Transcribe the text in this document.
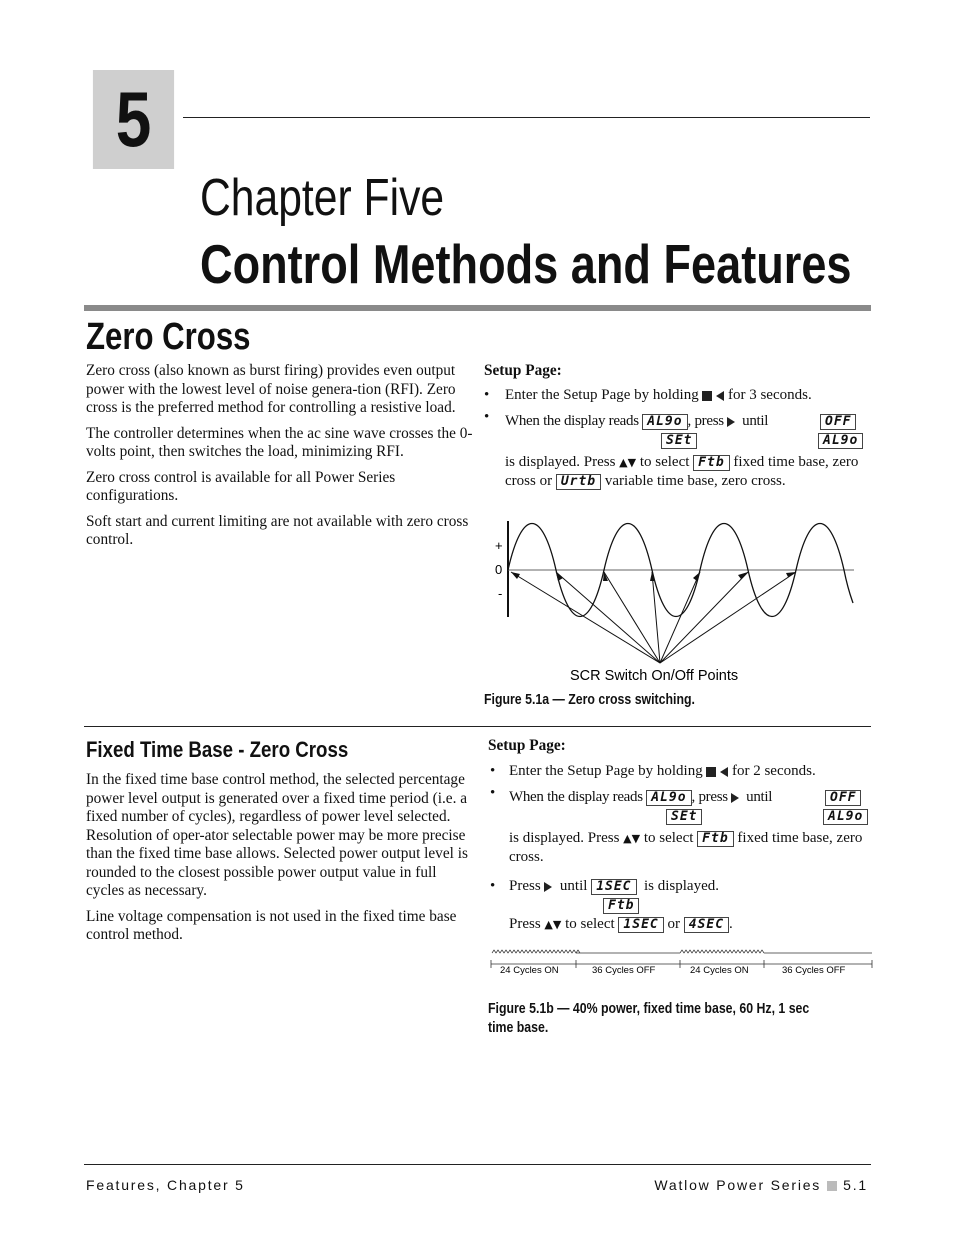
5
Chapter Five
Control Methods and Features
Zero Cross

Zero cross (also known as burst firing) provides even output power with the lowest level of noise genera-tion (RFI). Zero cross is the preferred method for controlling a resistive load.

The controller determines when the ac sine wave crosses the 0-volts point, then switches the load, minimizing RFI.

Zero cross control is available for all Power Series configurations.

Soft start and current limiting are not available with zero cross control.

Setup Page:
• Enter the Setup Page by holding for 3 seconds.
• When the display reads AL9o , press until
SEt
OFF
AL9o
is displayed. Press ▲▼ to select Ftb fixed time base, zero cross or Urtb variable time base, zero cross.
+
0
-
SCR Switch On/Off Points
Figure 5.1a — Zero cross switching.
Fixed Time Base - Zero Cross

In the fixed time base control method, the selected percentage power level output is generated over a fixed time period (i.e. a fixed number of cycles), regardless of power level selected. Resolution of oper-ator selectable power may be more precise than the fixed time base allows. Selected power output level is rounded to the closest possible power output value in full cycles as necessary.

Line voltage compensation is not used in the fixed time base control method.

Setup Page:
• Enter the Setup Page by holding for 2 seconds.
• When the display reads AL9o , press until
SEt
OFF
AL9o
is displayed. Press ▲▼ to select Ftb fixed time base, zero cross.
• Press until 1SEC is displayed.
Ftb
Press ▲▼ to select 1SEC or 4SEC .
24 Cycles ON	36 Cycles OFF	24 Cycles ON	36 Cycles OFF
Figure 5.1b — 40% power, fixed time base, 60 Hz, 1 sec
time base.
Features, Chapter 5	Watlow Power Series 5.1
